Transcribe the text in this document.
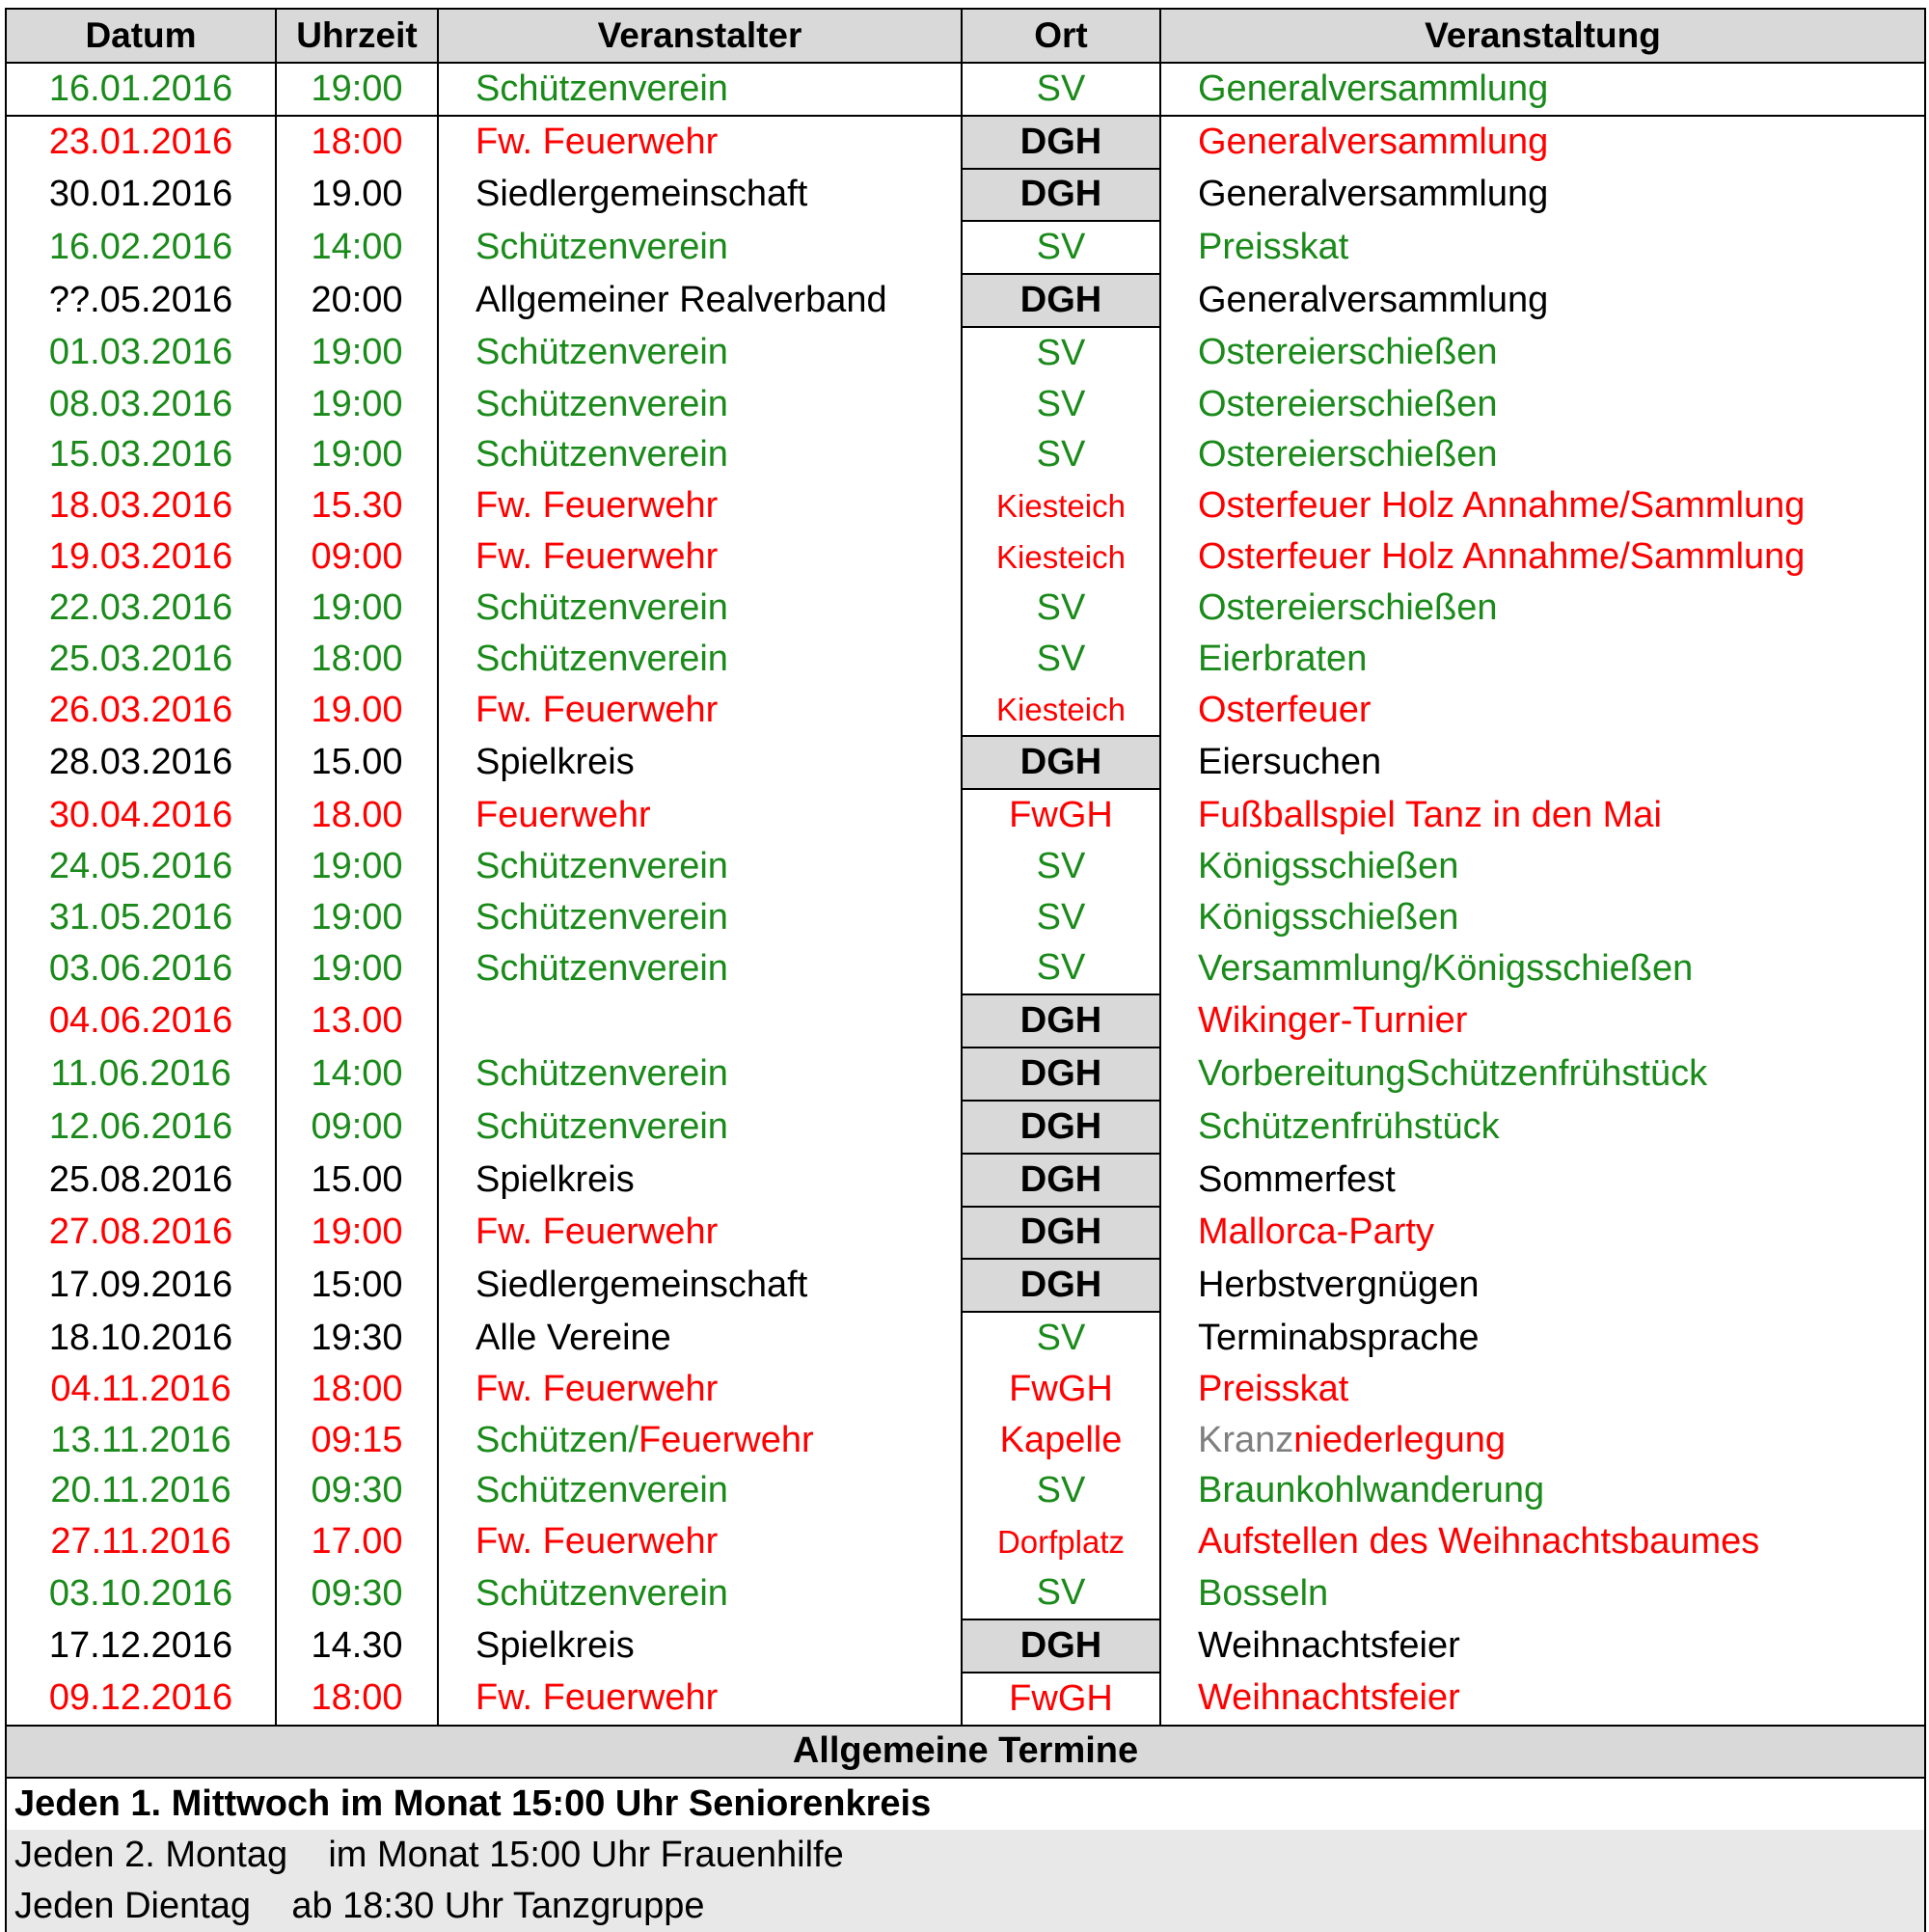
Datum	Uhrzeit	Veranstalter	Ort	Veranstaltung
16.01.2016	19:00	Schützenverein	SV	Generalversammlung
23.01.2016	18:00	Fw. Feuerwehr	DGH	Generalversammlung
30.01.2016	19.00	Siedlergemeinschaft	DGH	Generalversammlung
16.02.2016	14:00	Schützenverein	SV	Preisskat
??.05.2016	20:00	Allgemeiner Realverband	DGH	Generalversammlung
01.03.2016	19:00	Schützenverein	SV	Ostereierschießen
08.03.2016	19:00	Schützenverein	SV	Ostereierschießen
15.03.2016	19:00	Schützenverein	SV	Ostereierschießen
18.03.2016	15.30	Fw. Feuerwehr	Kiesteich	Osterfeuer Holz Annahme/Sammlung
19.03.2016	09:00	Fw. Feuerwehr	Kiesteich	Osterfeuer Holz Annahme/Sammlung
22.03.2016	19:00	Schützenverein	SV	Ostereierschießen
25.03.2016	18:00	Schützenverein	SV	Eierbraten
26.03.2016	19.00	Fw. Feuerwehr	Kiesteich	Osterfeuer
28.03.2016	15.00	Spielkreis	DGH	Eiersuchen
30.04.2016	18.00	Feuerwehr	FwGH	Fußballspiel Tanz in den Mai
24.05.2016	19:00	Schützenverein	SV	Königsschießen
31.05.2016	19:00	Schützenverein	SV	Königsschießen
03.06.2016	19:00	Schützenverein	SV	Versammlung/Königsschießen
04.06.2016	13.00		DGH	Wikinger-Turnier
11.06.2016	14:00	Schützenverein	DGH	VorbereitungSchützenfrühstück
12.06.2016	09:00	Schützenverein	DGH	Schützenfrühstück
25.08.2016	15.00	Spielkreis	DGH	Sommerfest
27.08.2016	19:00	Fw. Feuerwehr	DGH	Mallorca-Party
17.09.2016	15:00	Siedlergemeinschaft	DGH	Herbstvergnügen
18.10.2016	19:30	Alle Vereine	SV	Terminabsprache
04.11.2016	18:00	Fw. Feuerwehr	FwGH	Preisskat
13.11.2016	09:15	Schützen/Feuerwehr	Kapelle	Kranzniederlegung
20.11.2016	09:30	Schützenverein	SV	Braunkohlwanderung
27.11.2016	17.00	Fw. Feuerwehr	Dorfplatz	Aufstellen des Weihnachtsbaumes
03.10.2016	09:30	Schützenverein	SV	Bosseln
17.12.2016	14.30	Spielkreis	DGH	Weihnachtsfeier
09.12.2016	18:00	Fw. Feuerwehr	FwGH	Weihnachtsfeier
Allgemeine Termine				
Jeden 1. Mittwoch im Monat 15:00 Uhr Seniorenkreis				
Jeden 2. Montag im Monat 15:00 Uhr Frauenhilfe				
Jeden Dientag ab 18:30 Uhr Tanzgruppe				
